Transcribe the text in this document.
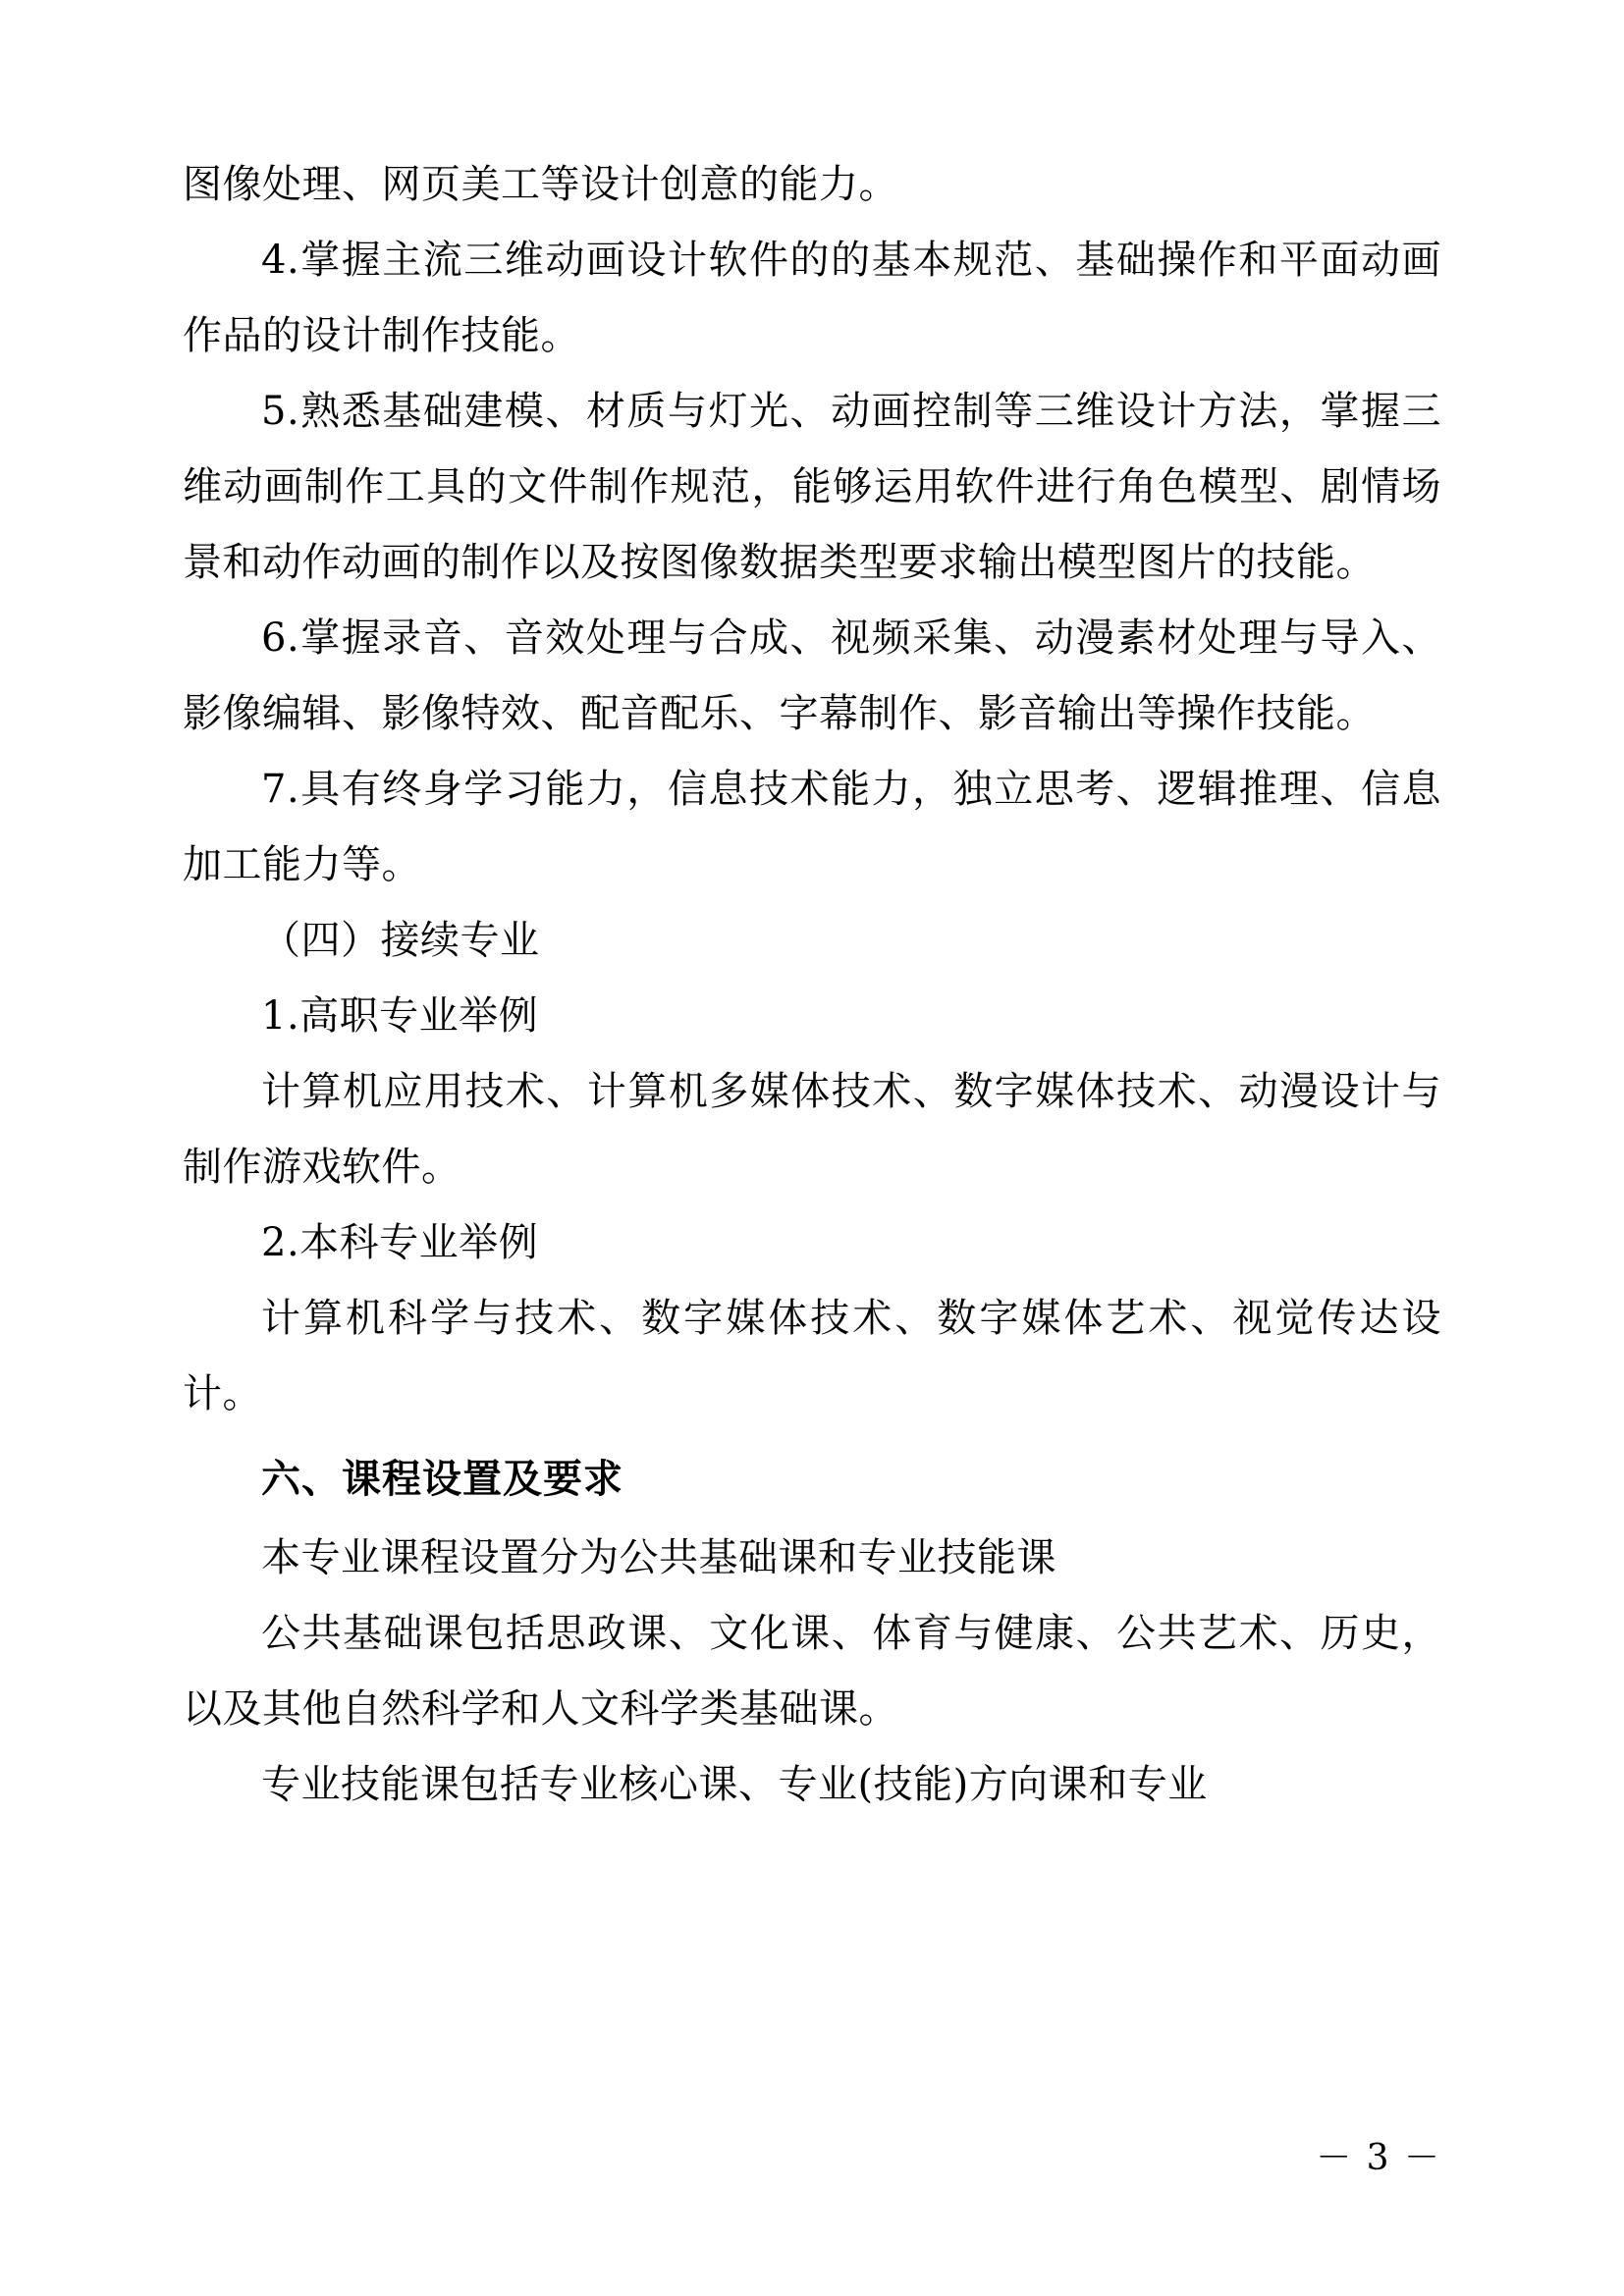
图像处理、网页美工等设计创意的能力。

4.掌握主流三维动画设计软件的的基本规范、基础操作和平面动画作品的设计制作技能。

5.熟悉基础建模、材质与灯光、动画控制等三维设计方法，掌握三维动画制作工具的文件制作规范，能够运用软件进行角色模型、剧情场景和动作动画的制作以及按图像数据类型要求输出模型图片的技能。

6.掌握录音、音效处理与合成、视频采集、动漫素材处理与导入、影像编辑、影像特效、配音配乐、字幕制作、影音输出等操作技能。

7.具有终身学习能力，信息技术能力，独立思考、逻辑推理、信息加工能力等。

（四）接续专业

1.高职专业举例

计算机应用技术、计算机多媒体技术、数字媒体技术、动漫设计与制作游戏软件。

2.本科专业举例

计算机科学与技术、数字媒体技术、数字媒体艺术、视觉传达设计。

六、课程设置及要求

本专业课程设置分为公共基础课和专业技能课

公共基础课包括思政课、文化课、体育与健康、公共艺术、历史，以及其他自然科学和人文科学类基础课。

专业技能课包括专业核心课、专业(技能)方向课和专业

－ 3 －
